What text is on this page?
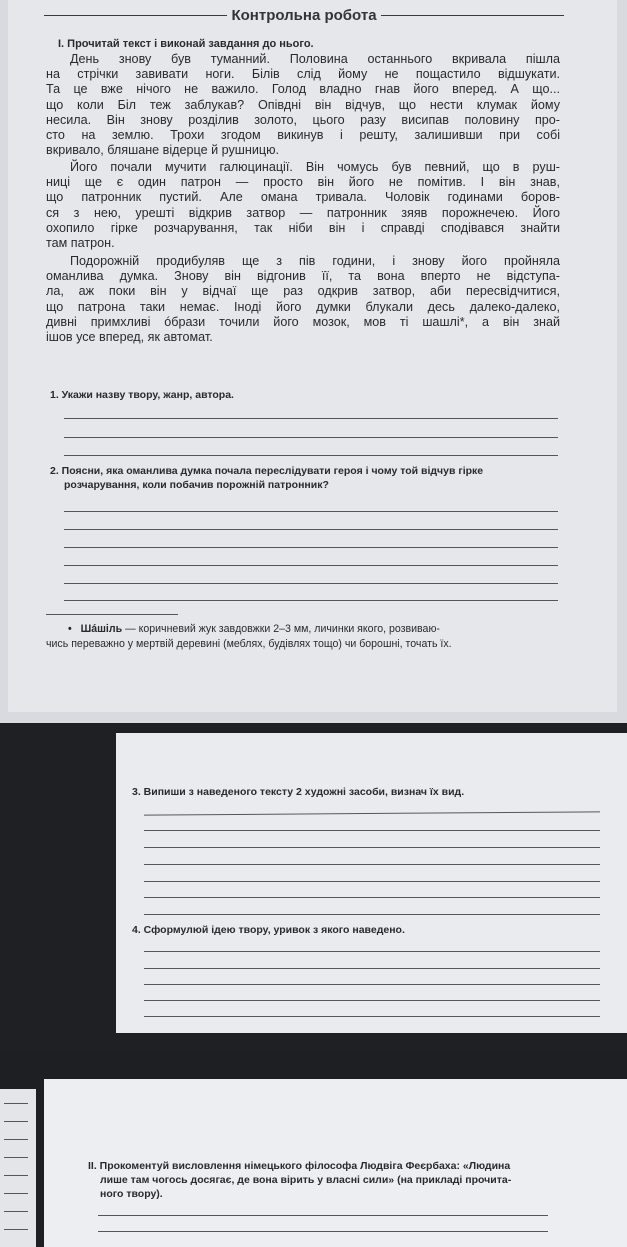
Контрольна робота
І. Прочитай текст і виконай завдання до нього.
День знову був туманний. Половина останнього вкривала пішла
на стрічки завивати ноги. Білів слід йому не пощастило відшукати.
Та це вже нічого не важило. Голод владно гнав його вперед. А що...
що коли Біл теж заблукав? Опівдні він відчув, що нести клумак йому
несила. Він знову розділив золото, цього разу висипав половину про-
сто на землю. Трохи згодом викинув і решту, залишивши при собі
вкривало, бляшане відерце й рушницю.
Його почали мучити галюцинації. Він чомусь був певний, що в руш-
ниці ще є один патрон — просто він його не помітив. І він знав,
що патронник пустий. Але омана тривала. Чоловік годинами боров-
ся з нею, урешті відкрив затвор — патронник зяяв порожнечею. Його
охопило гірке розчарування, так ніби він і справді сподівався знайти
там патрон.
Подорожній продибуляв ще з пів години, і знову його пройняла
оманлива думка. Знову він відгонив її, та вона вперто не відступа-
ла, аж поки він у відчаї ще раз одкрив затвор, аби пересвідчитися,
що патрона таки немає. Іноді його думки блукали десь далеко-далеко,
дивні примхливі óбрази точили його мозок, мов ті шашлі*, а він знай
ішов усе вперед, як автомат.
1. Укажи назву твору, жанр, автора.
2. Поясни, яка оманлива думка почала переслідувати героя і чому той відчув гірке
розчарування, коли побачив порожній патронник?
• Шáшіль — коричневий жук завдовжки 2–3 мм, личинки якого, розвиваю-
чись переважно у мертвій деревині (меблях, будівлях тощо) чи борошні, точать їх.
3. Випиши з наведеного тексту 2 художні засоби, визнач їх вид.
4. Сформулюй ідею твору, уривок з якого наведено.
ІІ. Прокоментуй висловлення німецького філософа Людвіга Феєрбаха: «Людина
лише там чогось досягає, де вона вірить у власні сили» (на прикладі прочита-
ного твору).
